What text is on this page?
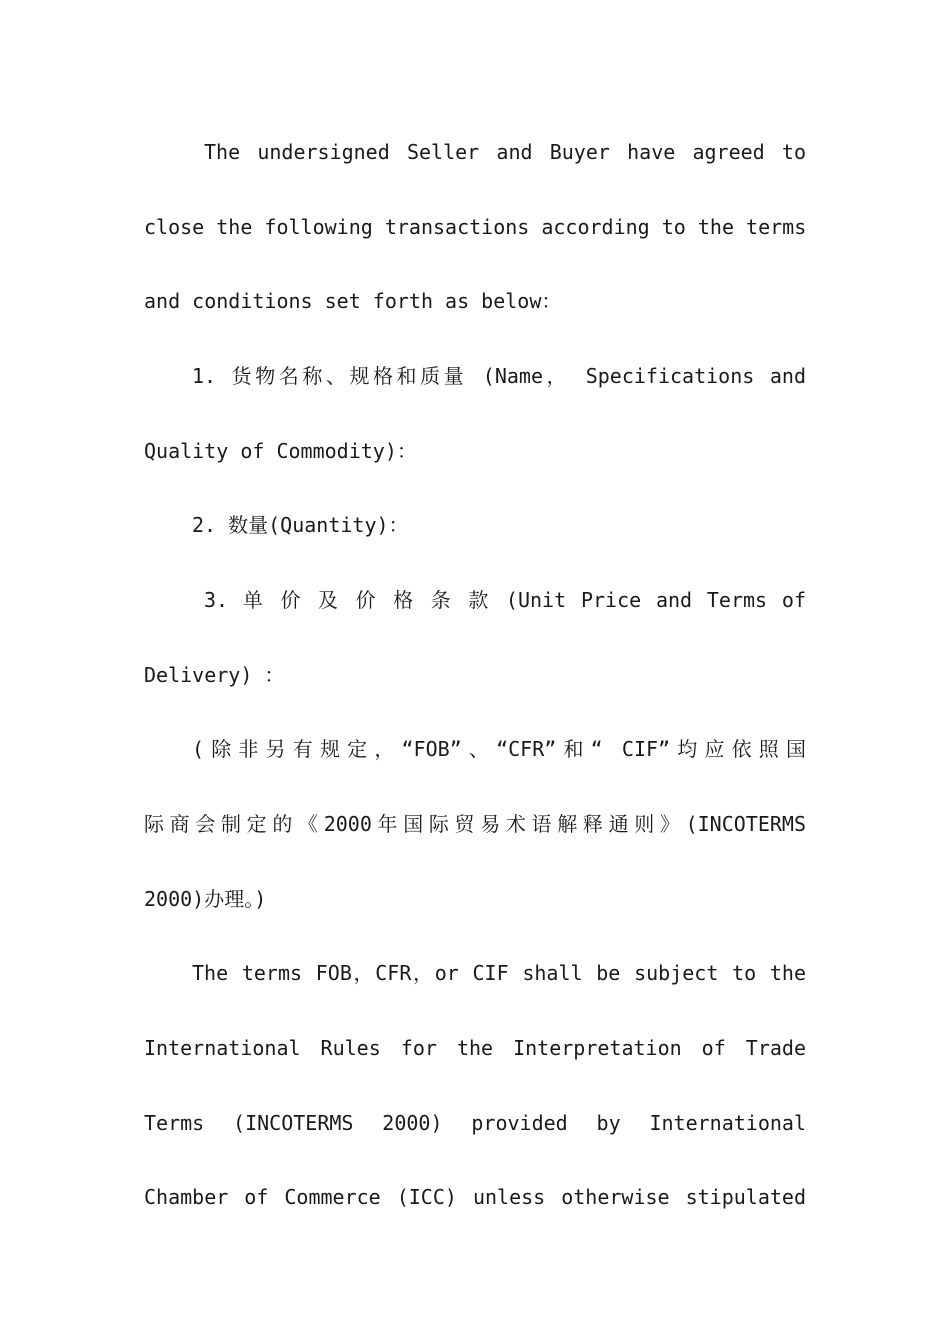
The undersigned Seller and Buyer have agreed to
close the following transactions according to the terms
and conditions set forth as below：
1. 货物名称、规格和质量 (Name， Specifications and
Quality of Commodity)：
2. 数量(Quantity)：
3. 单 价 及 价 格 条 款 (Unit Price and Terms of
Delivery) ：
(除非另有规定，“FOB”、“CFR”和“ CIF”均应依照国
际商会制定的《2000年国际贸易术语解释通则》(INCOTERMS
2000)办理。)
The terms FOB，CFR，or CIF shall be subject to the
International Rules for the Interpretation of Trade
Terms (INCOTERMS 2000) provided by International
Chamber of Commerce (ICC) unless otherwise stipulated
